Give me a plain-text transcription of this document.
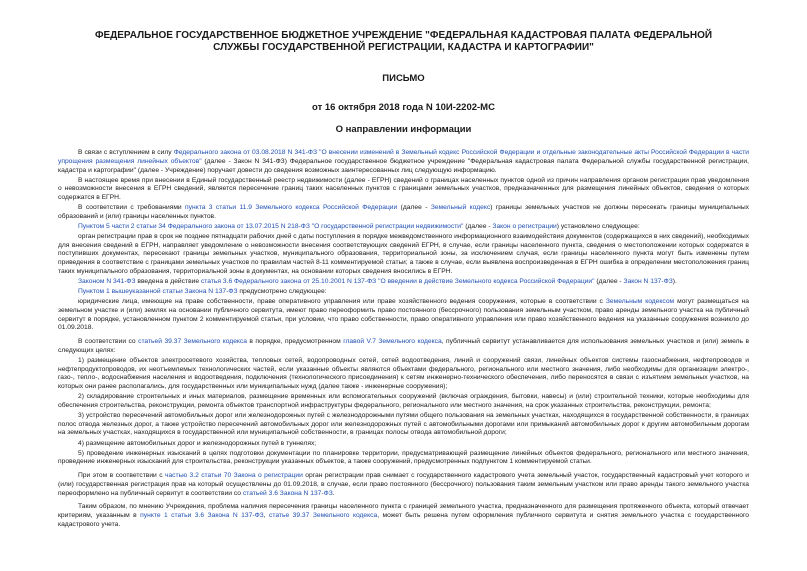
ФЕДЕРАЛЬНОЕ ГОСУДАРСТВЕННОЕ БЮДЖЕТНОЕ УЧРЕЖДЕНИЕ "ФЕДЕРАЛЬНАЯ КАДАСТРОВАЯ ПАЛАТА ФЕДЕРАЛЬНОЙ СЛУЖБЫ ГОСУДАРСТВЕННОЙ РЕГИСТРАЦИИ, КАДАСТРА И КАРТОГРАФИИ"
ПИСЬМО
от 16 октября 2018 года N 10И-2202-МС
О направлении информации

В связи с вступлением в силу Федерального закона от 03.08.2018 N 341-ФЗ "О внесении изменений в Земельный кодекс Российской Федерации и отдельные законодательные акты Российской Федерации в части упрощения размещения линейных объектов" (далее - Закон N 341-ФЗ) Федеральное государственное бюджетное учреждение "Федеральная кадастровая палата Федеральной службы государственной регистрации, кадастра и картографии" (далее - Учреждение) поручает довести до сведения возможных заинтересованных лиц следующую информацию.

В настоящее время при внесении в Единый государственный реестр недвижимости (далее - ЕГРН) сведений о границах населенных пунктов одной из причин направления органом регистрации прав уведомления о невозможности внесения в ЕГРН сведений, является пересечение границ таких населенных пунктов с границами земельных участков, предназначенных для размещения линейных объектов, сведения о которых содержатся в ЕГРН.

В соответствии с требованиями пункта 3 статьи 11.9 Земельного кодекса Российской Федерации (далее - Земельный кодекс) границы земельных участков не должны пересекать границы муниципальных образований и (или) границы населенных пунктов.

Пунктом 5 части 2 статьи 34 Федерального закона от 13.07.2015 N 218-ФЗ "О государственной регистрации недвижимости" (далее - Закон о регистрации) установлено следующее:

орган регистрации прав в срок не позднее пятнадцати рабочих дней с даты поступления в порядке межведомственного информационного взаимодействия документов (содержащихся в них сведений), необходимых для внесения сведений в ЕГРН, направляет уведомление о невозможности внесения соответствующих сведений ЕГРН, в случае, если границы населенного пункта, сведения о местоположении которых содержатся в поступивших документах, пересекают границы земельных участков, муниципального образования, территориальной зоны, за исключением случая, если границы населенного пункта могут быть изменены путем приведения в соответствие с границами земельных участков по правилам частей 8-11 комментируемой статьи; а также в случае, если выявлена воспроизведенная в ЕГРН ошибка в определении местоположения границ таких муниципального образования, территориальной зоны в документах, на основании которых сведения вносились в ЕГРН.

Законом N 341-ФЗ введена в действие статья 3.6 Федерального закона от 25.10.2001 N 137-ФЗ "О введении в действие Земельного кодекса Российской Федерации" (далее - Закон N 137-ФЗ).

Пунктом 1 вышеуказанной статьи Закона N 137-ФЗ предусмотрено следующее:

юридические лица, имеющие на праве собственности, праве оперативного управления или праве хозяйственного ведения сооружения, которые в соответствии с Земельным кодексом могут размещаться на земельном участке и (или) землях на основании публичного сервитута, имеют право переоформить право постоянного (бессрочного) пользования земельным участком, право аренды земельного участка на публичный сервитут в порядке, установленном пунктом 2 комментируемой статьи, при условии, что право собственности, право оперативного управления или право хозяйственного ведения на указанные сооружения возникло до 01.09.2018.

В соответствии со статьей 39.37 Земельного кодекса в порядке, предусмотренном главой V.7 Земельного кодекса, публичный сервитут устанавливается для использования земельных участков и (или) земель в следующих целях:

1) размещение объектов электросетевого хозяйства, тепловых сетей, водопроводных сетей, сетей водоотведения, линий и сооружений связи, линейных объектов системы газоснабжения, нефтепроводов и нефтепродуктопроводов, их неотъемлемых технологических частей, если указанные объекты являются объектами федерального, регионального или местного значения, либо необходимы для организации электро-, газо-, тепло-, водоснабжения населения и водоотведения, подключения (технологического присоединения) к сетям инженерно-технического обеспечения, либо переносятся в связи с изъятием земельных участков, на которых они ранее располагались, для государственных или муниципальных нужд (далее также - инженерные сооружения);

2) складирование строительных и иных материалов, размещение временных или вспомогательных сооружений (включая ограждения, бытовки, навесы) и (или) строительной техники, которые необходимы для обеспечения строительства, реконструкции, ремонта объектов транспортной инфраструктуры федерального, регионального или местного значения, на срок указанных строительства, реконструкции, ремонта;

3) устройство пересечений автомобильных дорог или железнодорожных путей с железнодорожными путями общего пользования на земельных участках, находящихся в государственной собственности, в границах полос отвода железных дорог, а также устройство пересечений автомобильных дорог или железнодорожных путей с автомобильными дорогами или примыканий автомобильных дорог к другим автомобильным дорогам на земельных участках, находящихся в государственной или муниципальной собственности, в границах полосы отвода автомобильной дороги;

4) размещение автомобильных дорог и железнодорожных путей в туннелях;

5) проведение инженерных изысканий в целях подготовки документации по планировке территории, предусматривающей размещение линейных объектов федерального, регионального или местного значения, проведение инженерных изысканий для строительства, реконструкции указанных объектов, а также сооружений, предусмотренных подпунктом 1 комментируемой статьи.

При этом в соответствии с частью 3.2 статьи 70 Закона о регистрации орган регистрации прав снимает с государственного кадастрового учета земельный участок, государственный кадастровый учет которого и (или) государственная регистрация прав на который осуществлены до 01.09.2018, в случае, если право постоянного (бессрочного) пользования таким земельным участком или право аренды такого земельного участка переоформлено на публичный сервитут в соответствии со статьей 3.6 Закона N 137-ФЗ.

Таким образом, по мнению Учреждения, проблема наличия пересечения границы населенного пункта с границей земельного участка, предназначенного для размещения протяженного объекта, который отвечает критериям, указанным в пункте 1 статьи 3.6 Закона N 137-ФЗ, статье 39.37 Земельного кодекса, может быть решена путем оформления публичного сервитута и снятия земельного участка с государственного кадастрового учета.
